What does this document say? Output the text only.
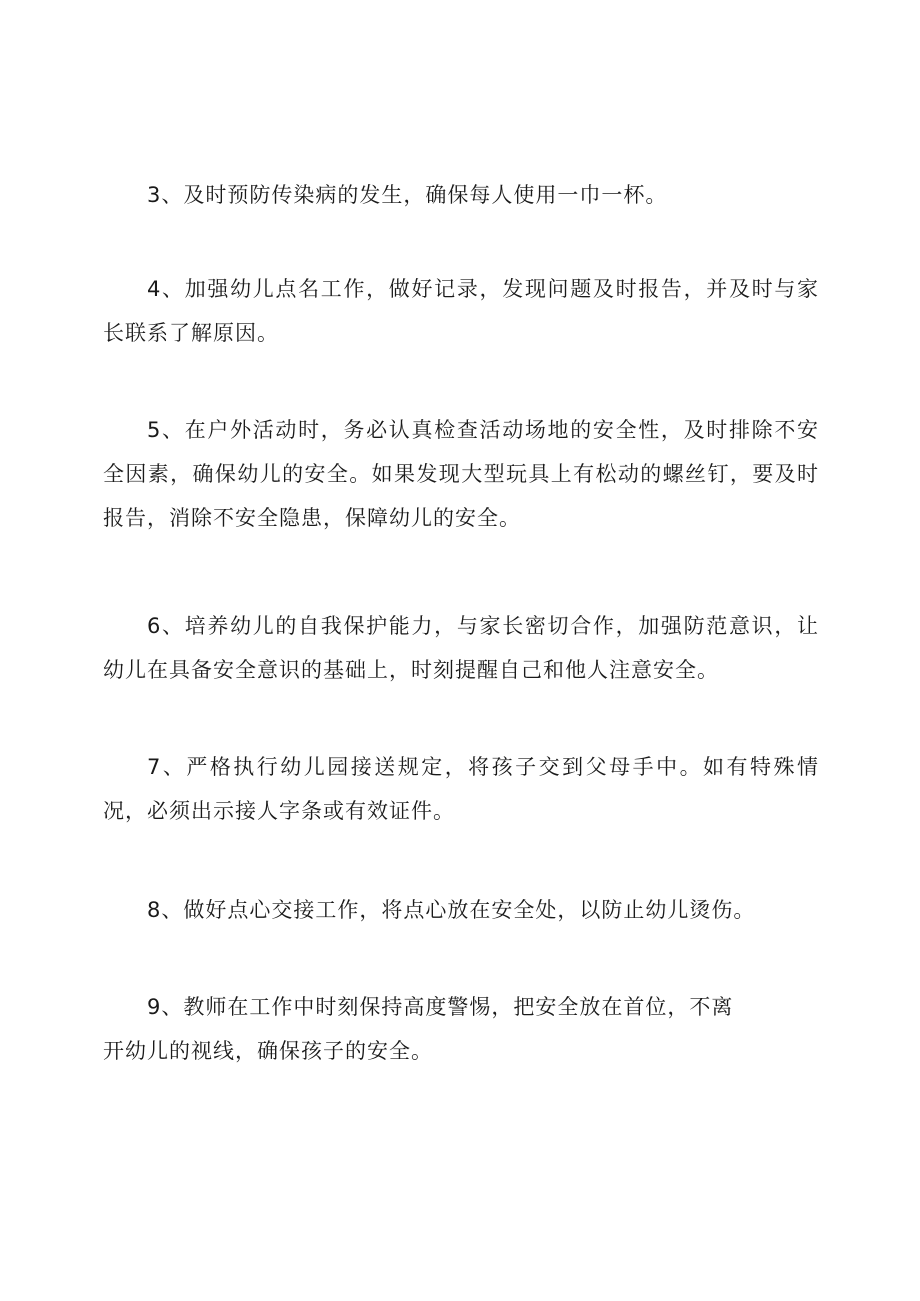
3、及时预防传染病的发生，确保每人使用一巾一杯。

4、加强幼儿点名工作，做好记录，发现问题及时报告，并及时与家长联系了解原因。

5、在户外活动时，务必认真检查活动场地的安全性，及时排除不安全因素，确保幼儿的安全。如果发现大型玩具上有松动的螺丝钉，要及时报告，消除不安全隐患，保障幼儿的安全。

6、培养幼儿的自我保护能力，与家长密切合作，加强防范意识，让幼儿在具备安全意识的基础上，时刻提醒自己和他人注意安全。

7、严格执行幼儿园接送规定，将孩子交到父母手中。如有特殊情况，必须出示接人字条或有效证件。

8、做好点心交接工作，将点心放在安全处，以防止幼儿烫伤。

9、教师在工作中时刻保持高度警惕，把安全放在首位，不离
开幼儿的视线，确保孩子的安全。
